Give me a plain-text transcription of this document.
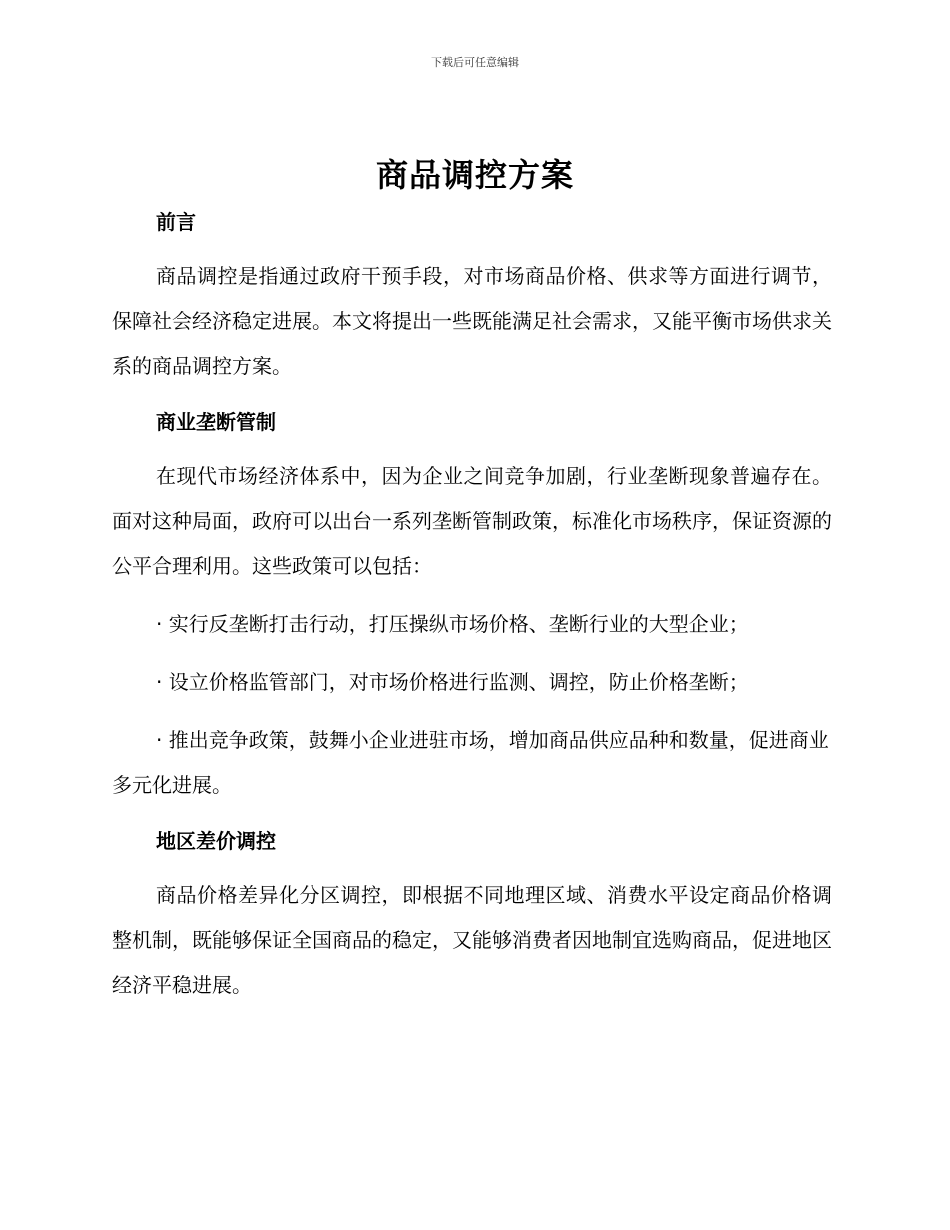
下载后可任意编辑
商品调控方案
前言

商品调控是指通过政府干预手段，对市场商品价格、供求等方面进行调节，保障社会经济稳定进展。本文将提出一些既能满足社会需求，又能平衡市场供求关系的商品调控方案。

商业垄断管制

在现代市场经济体系中，因为企业之间竞争加剧，行业垄断现象普遍存在。面对这种局面，政府可以出台一系列垄断管制政策，标准化市场秩序，保证资源的公平合理利用。这些政策可以包括：

· 实行反垄断打击行动，打压操纵市场价格、垄断行业的大型企业；

· 设立价格监管部门，对市场价格进行监测、调控，防止价格垄断；

· 推出竞争政策，鼓舞小企业进驻市场，增加商品供应品种和数量，促进商业多元化进展。

地区差价调控

商品价格差异化分区调控，即根据不同地理区域、消费水平设定商品价格调整机制，既能够保证全国商品的稳定，又能够消费者因地制宜选购商品，促进地区经济平稳进展。
